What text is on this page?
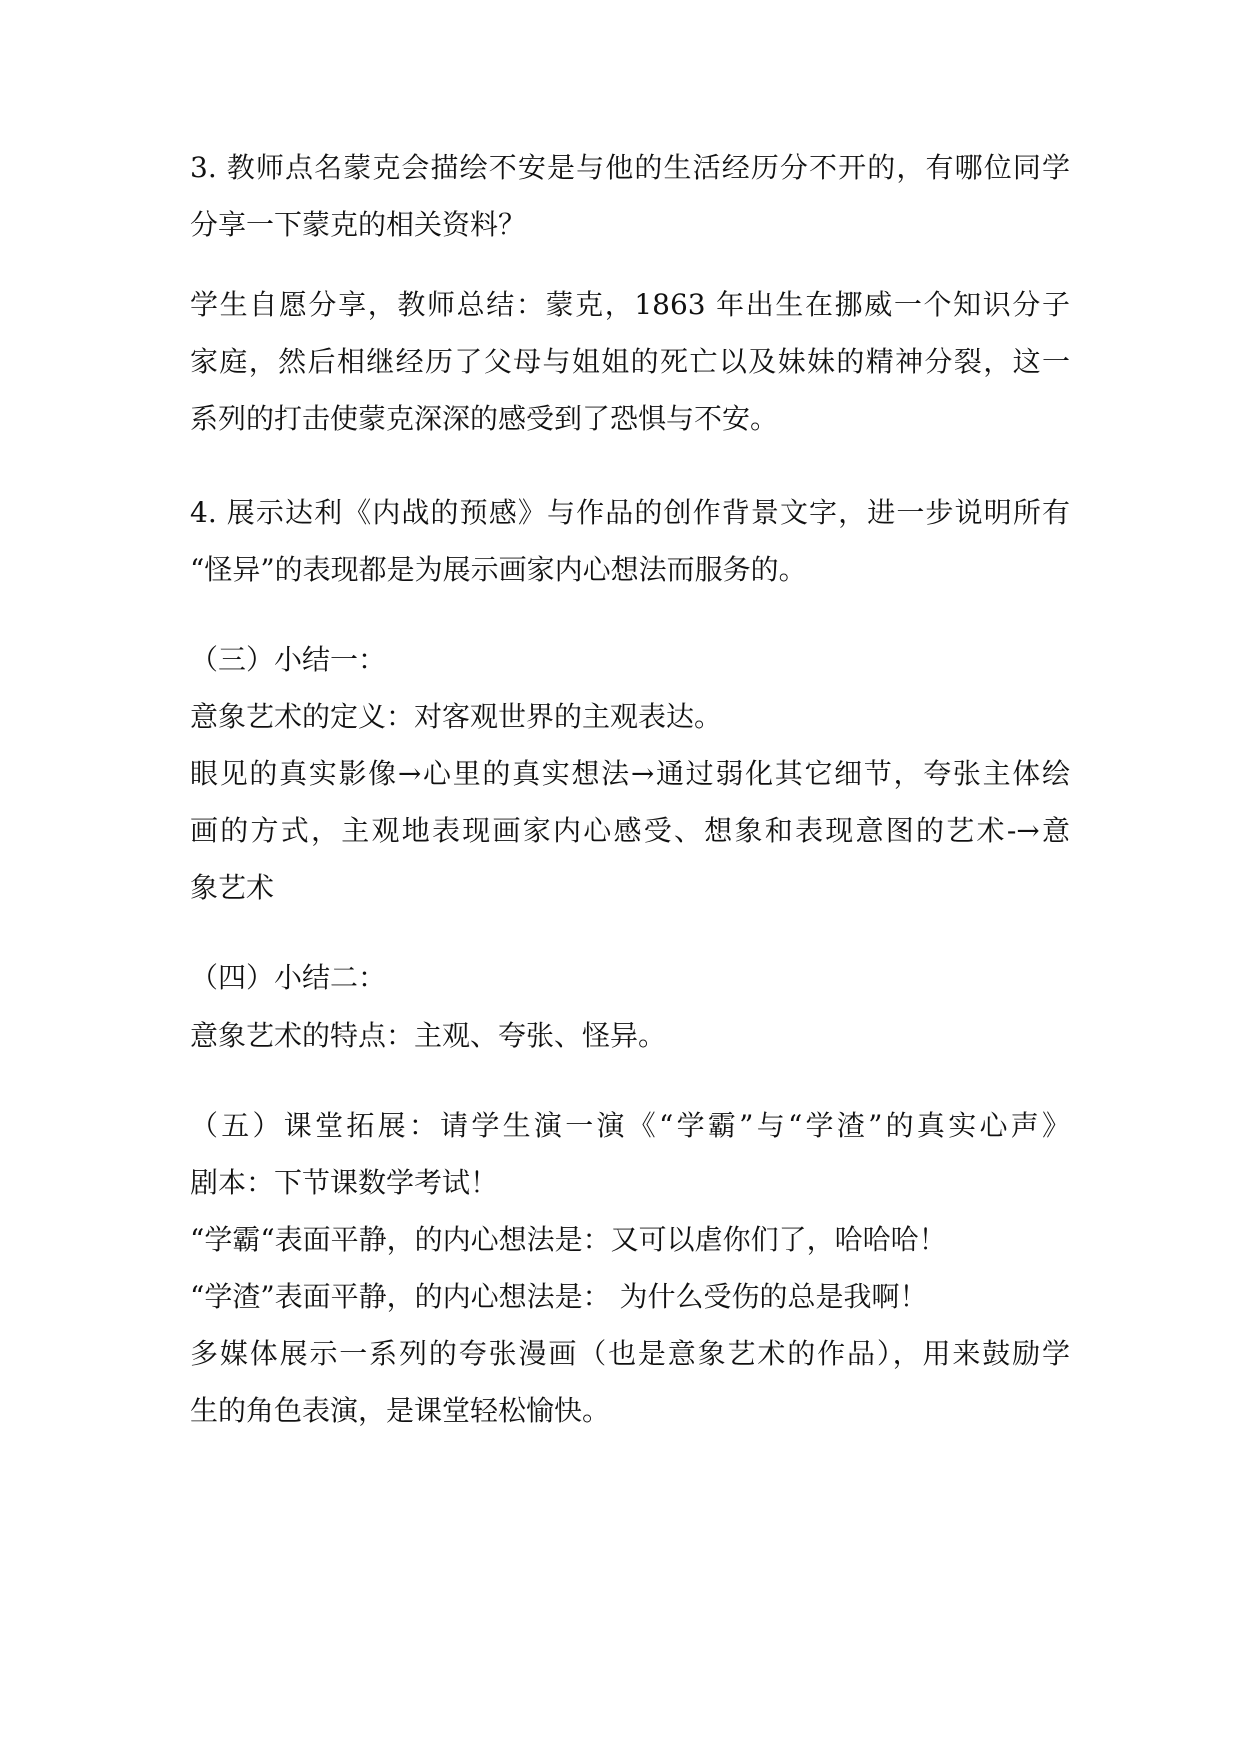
3. 教师点名蒙克会描绘不安是与他的生活经历分不开的，有哪位同学
分享一下蒙克的相关资料？
学生自愿分享，教师总结：蒙克，1863 年出生在挪威一个知识分子
家庭，然后相继经历了父母与姐姐的死亡以及妹妹的精神分裂，这一
系列的打击使蒙克深深的感受到了恐惧与不安。
4. 展示达利《内战的预感》与作品的创作背景文字，进一步说明所有
“怪异”的表现都是为展示画家内心想法而服务的。
（三）小结一：
意象艺术的定义：对客观世界的主观表达。
眼见的真实影像→心里的真实想法→通过弱化其它细节，夸张主体绘
画的方式，主观地表现画家内心感受、想象和表现意图的艺术-→意
象艺术
（四）小结二：
意象艺术的特点：主观、夸张、怪异。
（五）课堂拓展：请学生演一演《“学霸”与“学渣”的真实心声》
剧本：下节课数学考试！
“学霸“表面平静，的内心想法是：又可以虐你们了，哈哈哈！
“学渣”表面平静，的内心想法是： 为什么受伤的总是我啊！
多媒体展示一系列的夸张漫画（也是意象艺术的作品），用来鼓励学
生的角色表演，是课堂轻松愉快。
